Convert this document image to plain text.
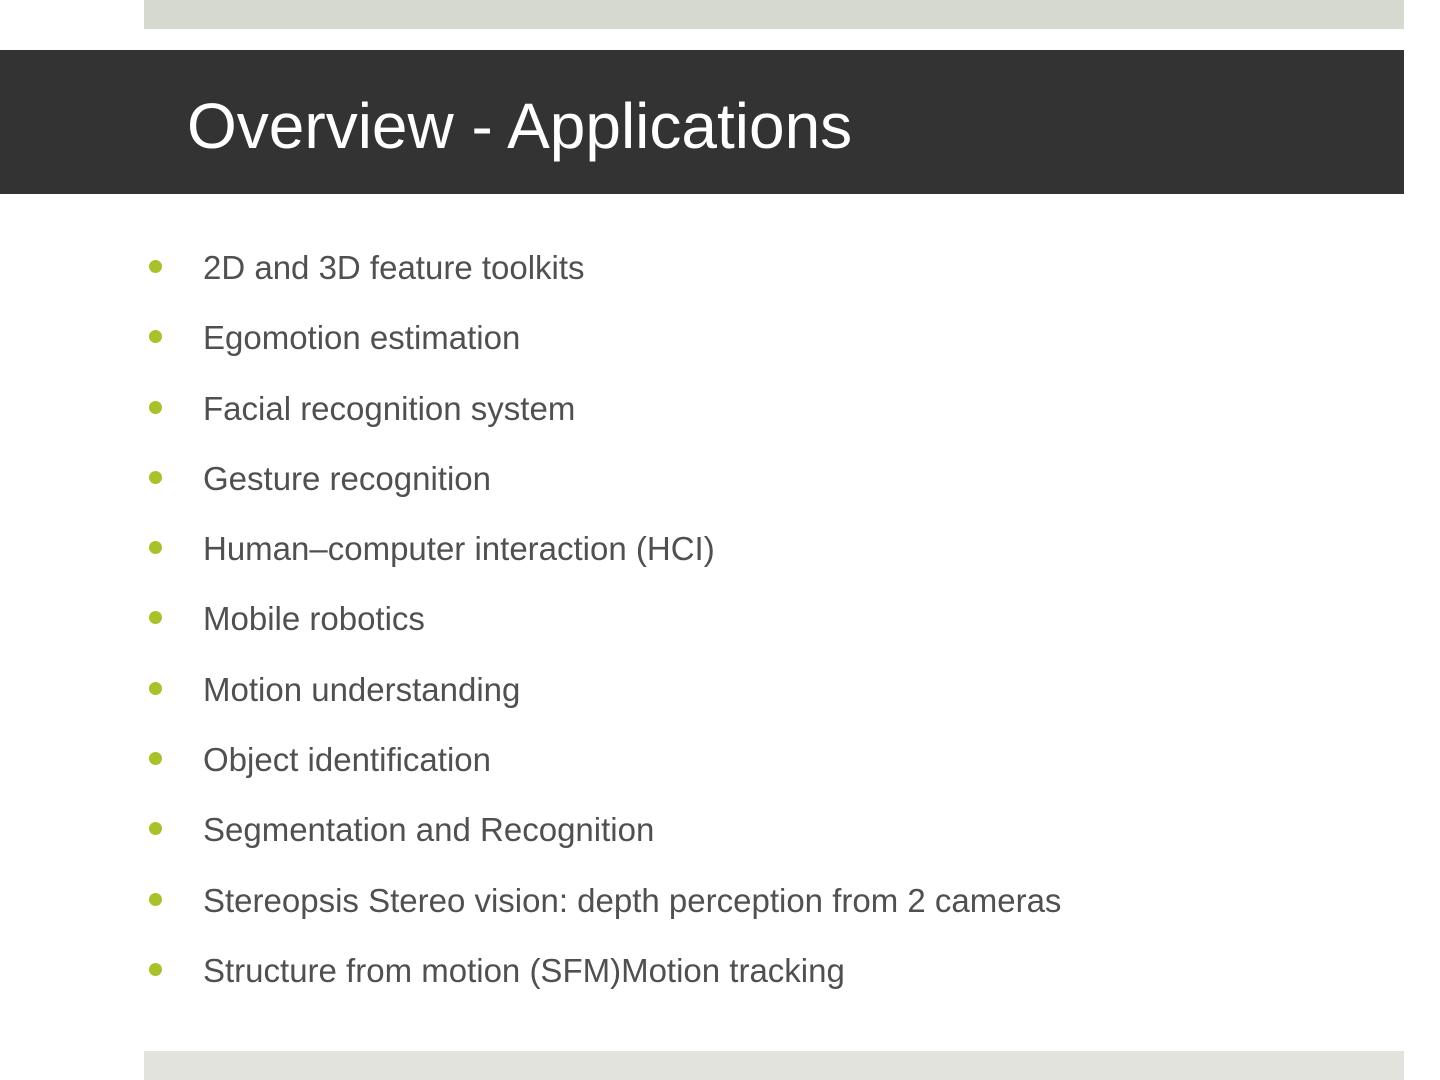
Overview - Applications
2D and 3D feature toolkits
Egomotion estimation
Facial recognition system
Gesture recognition
Human–computer interaction (HCI)
Mobile robotics
Motion understanding
Object identification
Segmentation and Recognition
Stereopsis Stereo vision: depth perception from 2 cameras
Structure from motion (SFM)Motion tracking
